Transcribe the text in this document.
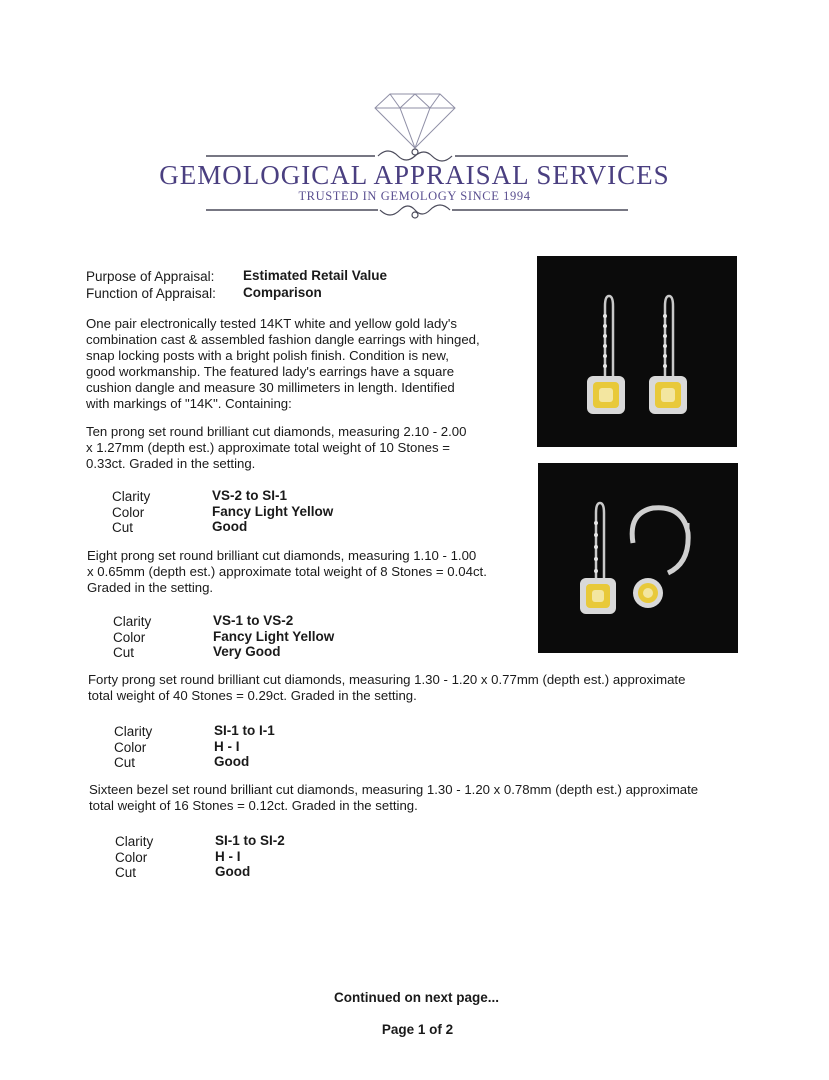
GEMOLOGICAL APPRAISAL SERVICES
TRUSTED IN GEMOLOGY SINCE 1994
Purpose of Appraisal: Estimated Retail Value
Function of Appraisal: Comparison
One pair electronically tested 14KT white and yellow gold lady's
combination cast & assembled fashion dangle earrings with hinged,
snap locking posts with a bright polish finish. Condition is new,
good workmanship. The featured lady's earrings have a square
cushion dangle and measure 30 millimeters in length. Identified
with markings of "14K". Containing:
Ten prong set round brilliant cut diamonds, measuring 2.10 - 2.00
x 1.27mm (depth est.) approximate total weight of 10 Stones =
0.33ct. Graded in the setting.
Clarity
Color
Cut
VS-2 to SI-1
Fancy Light Yellow
Good
Eight prong set round brilliant cut diamonds, measuring 1.10 - 1.00
x 0.65mm (depth est.) approximate total weight of 8 Stones = 0.04ct.
Graded in the setting.
Clarity
Color
Cut
VS-1 to VS-2
Fancy Light Yellow
Very Good
Forty prong set round brilliant cut diamonds, measuring 1.30 - 1.20 x 0.77mm (depth est.) approximate
total weight of 40 Stones = 0.29ct. Graded in the setting.
Clarity
Color
Cut
SI-1 to I-1
H - I
Good
Sixteen bezel set round brilliant cut diamonds, measuring 1.30 - 1.20 x 0.78mm (depth est.) approximate
total weight of 16 Stones = 0.12ct. Graded in the setting.
Clarity
Color
Cut
SI-1 to SI-2
H - I
Good
Continued on next page...
Page 1 of 2
